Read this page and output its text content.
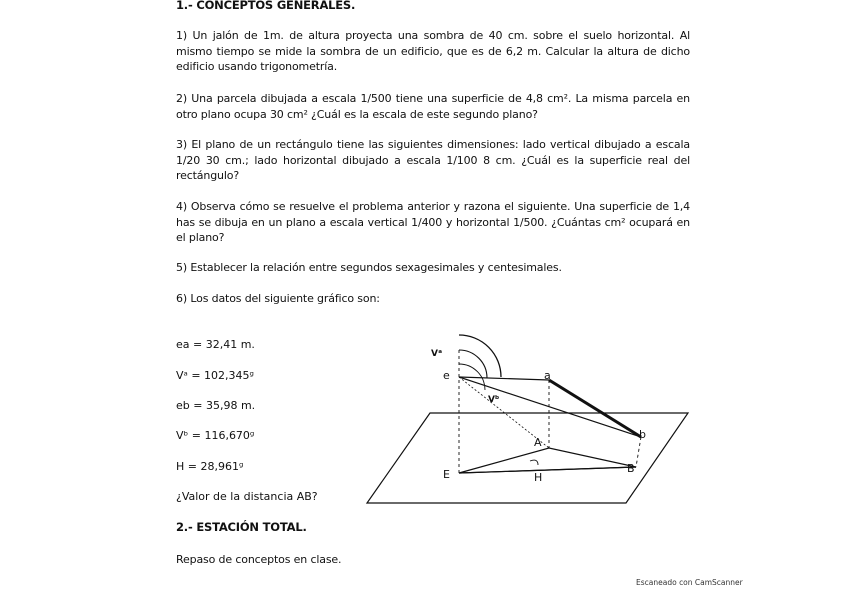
1.- CONCEPTOS GENERALES.
1) Un jalón de 1m. de altura proyecta una sombra de 40 cm. sobre el suelo horizontal. Al mismo tiempo se mide la sombra de un edificio, que es de 6,2 m. Calcular la altura de dicho edificio usando trigonometría.
2) Una parcela dibujada a escala 1/500 tiene una superficie de 4,8 cm². La misma parcela en otro plano ocupa 30 cm² ¿Cuál es la escala de este segundo plano?
3) El plano de un rectángulo tiene las siguientes dimensiones: lado vertical dibujado a escala 1/20 30 cm.; lado horizontal dibujado a escala 1/100 8 cm. ¿Cuál es la superficie real del rectángulo?
4) Observa cómo se resuelve el problema anterior y razona el siguiente. Una superficie de 1,4 has se dibuja en un plano a escala vertical 1/400 y horizontal 1/500. ¿Cuántas cm² ocupará en el plano?
5) Establecer la relación entre segundos sexagesimales y centesimales.
6) Los datos del siguiente gráfico son:
ea = 32,41 m.
Vᵃ = 102,345ᵍ
eb = 35,98 m.
Vᵇ = 116,670ᵍ
H = 28,961ᵍ
¿Valor de la distancia AB?
2.- ESTACIÓN TOTAL.
Repaso de conceptos en clase.
Vᵃ
e
Vᵇ
a
b
A
E	B
H
Escaneado con CamScanner
